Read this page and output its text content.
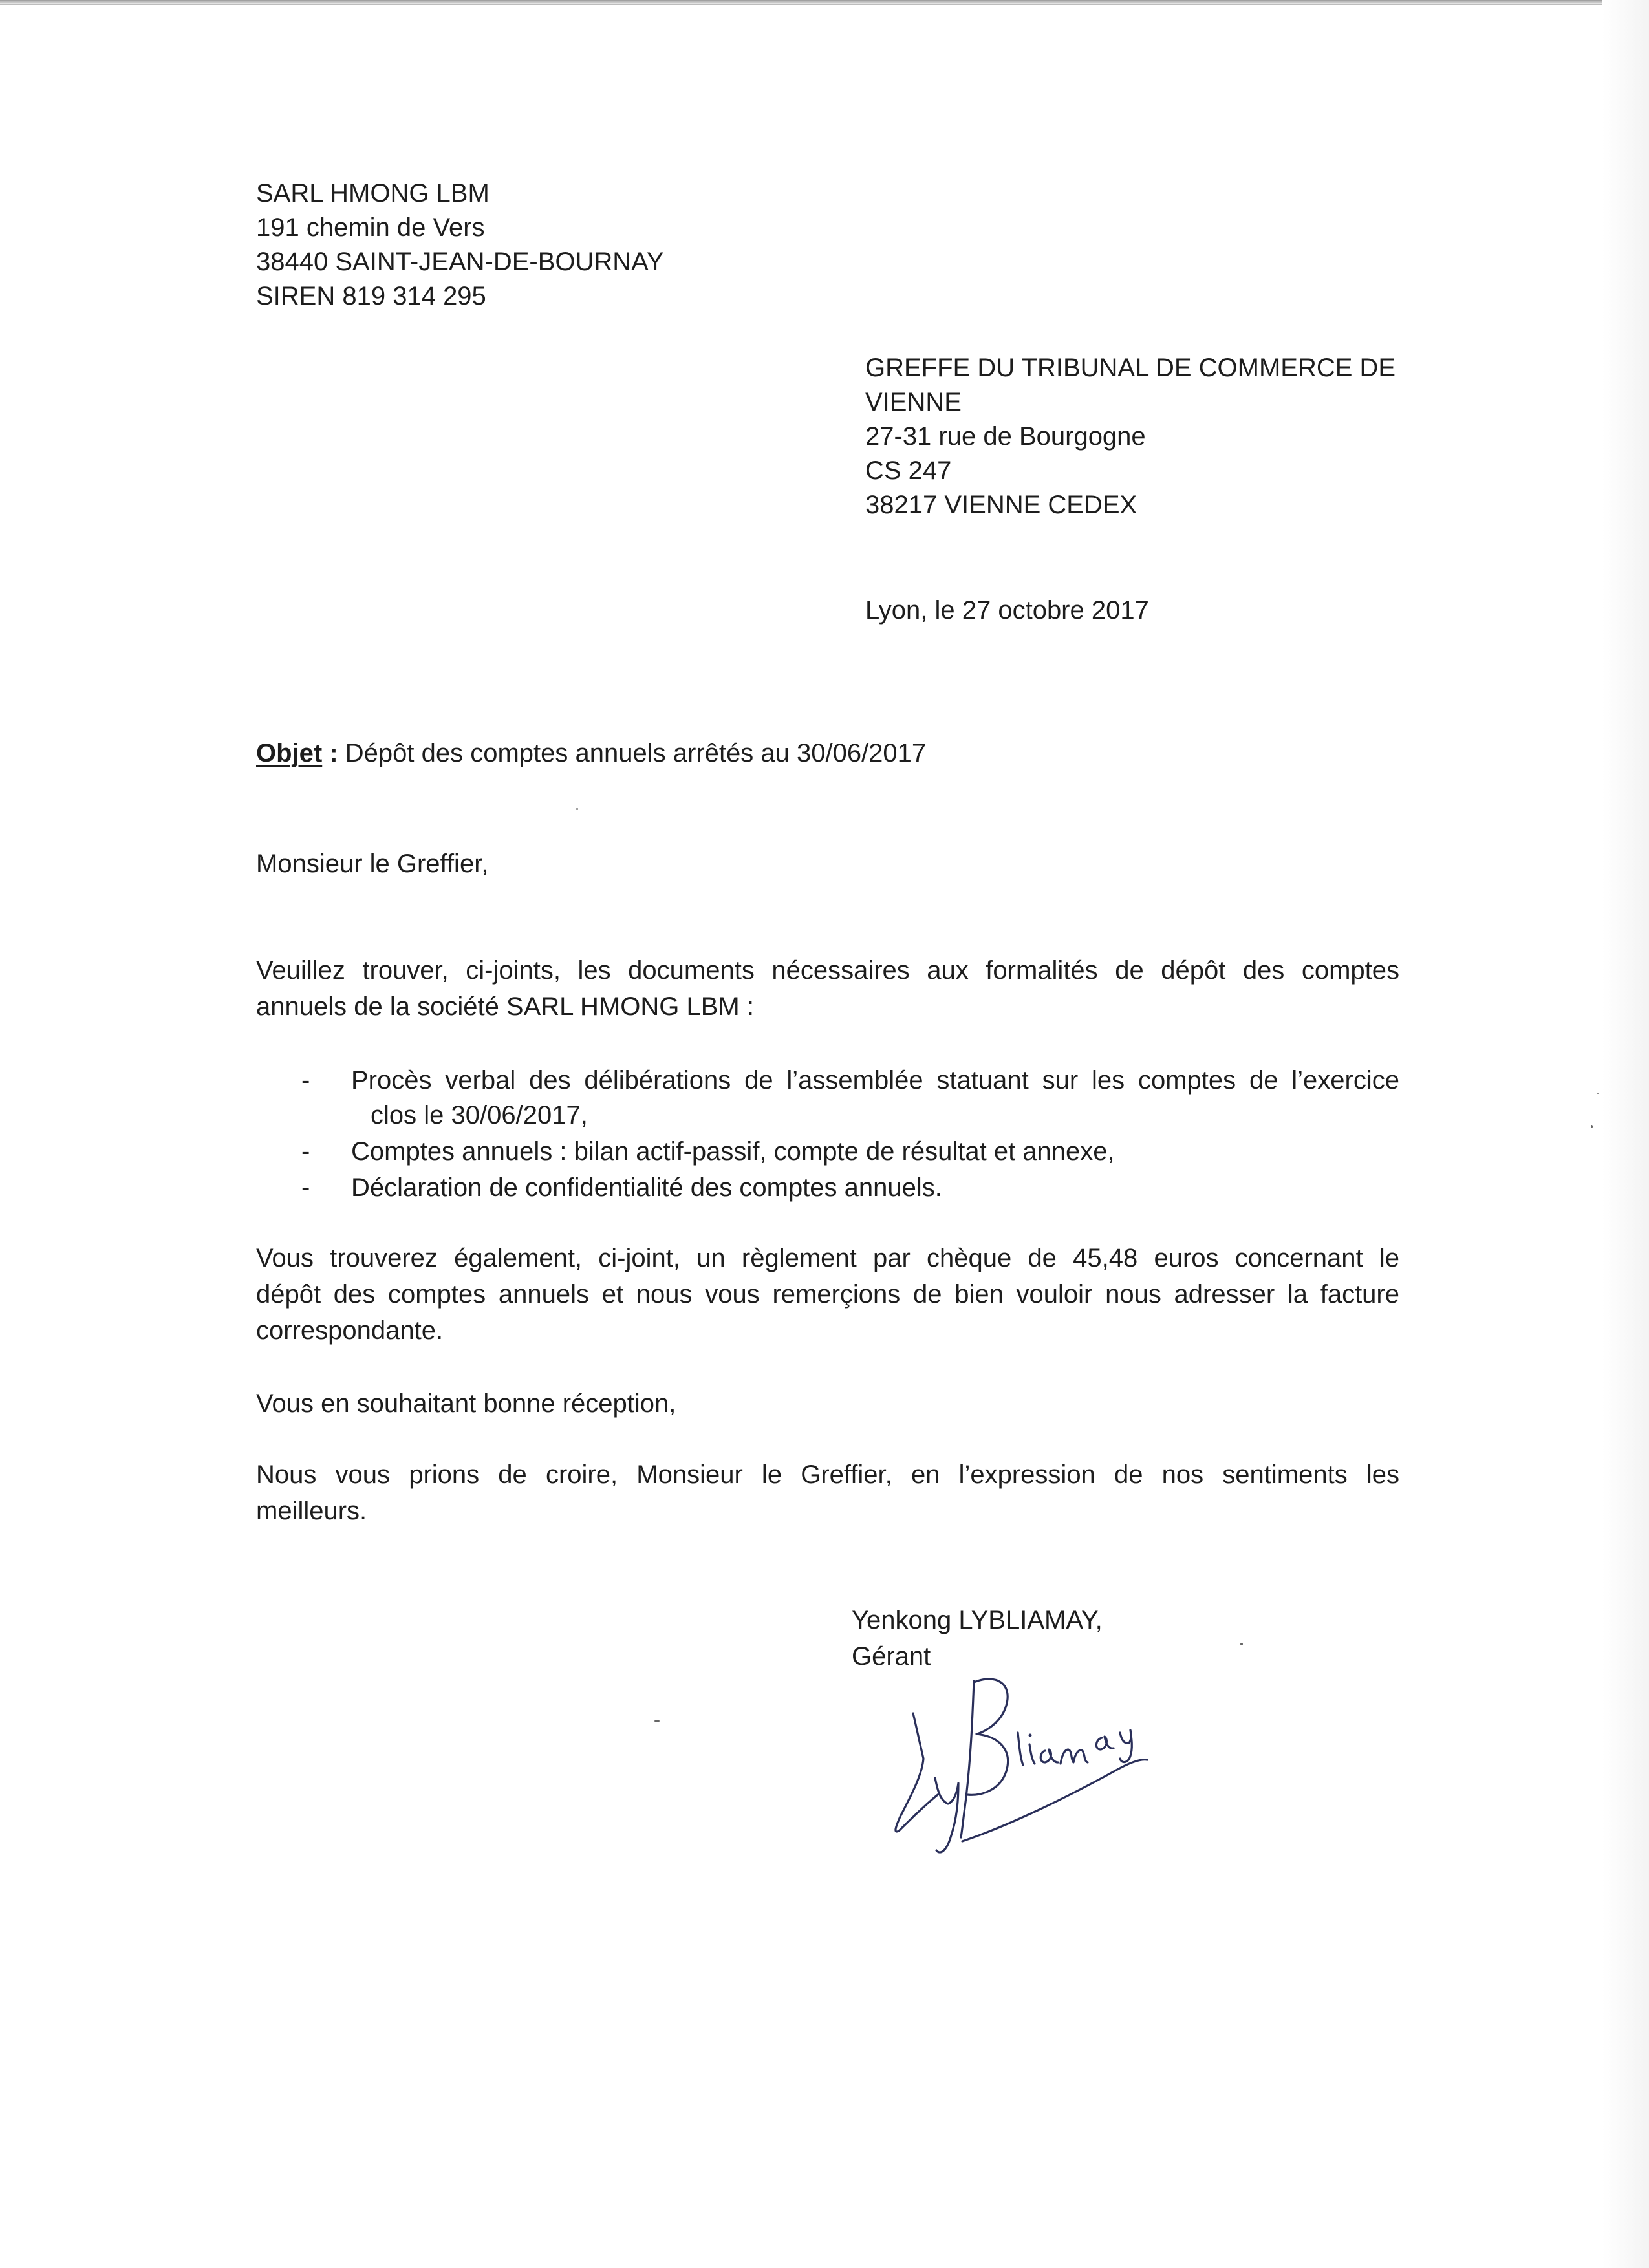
SARL HMONG LBM
191 chemin de Vers
38440 SAINT-JEAN-DE-BOURNAY
SIREN 819 314 295
GREFFE DU TRIBUNAL DE COMMERCE DE
VIENNE
27-31 rue de Bourgogne
CS 247
38217 VIENNE CEDEX
Lyon, le 27 octobre 2017
Objet : Dépôt des comptes annuels arrêtés au 30/06/2017
Monsieur le Greffier,
Veuillez trouver, ci-joints, les documents nécessaires aux formalités de dépôt des comptes
annuels de la société SARL HMONG LBM :
- Procès verbal des délibérations de l’assemblée statuant sur les comptes de l’exercice
clos le 30/06/2017,
- Comptes annuels : bilan actif-passif, compte de résultat et annexe,
- Déclaration de confidentialité des comptes annuels.
Vous trouverez également, ci-joint, un règlement par chèque de 45,48 euros concernant le
dépôt des comptes annuels et nous vous remerçions de bien vouloir nous adresser la facture
correspondante.
Vous en souhaitant bonne réception,
Nous vous prions de croire, Monsieur le Greffier, en l’expression de nos sentiments les
meilleurs.
Yenkong LYBLIAMAY,
Gérant
